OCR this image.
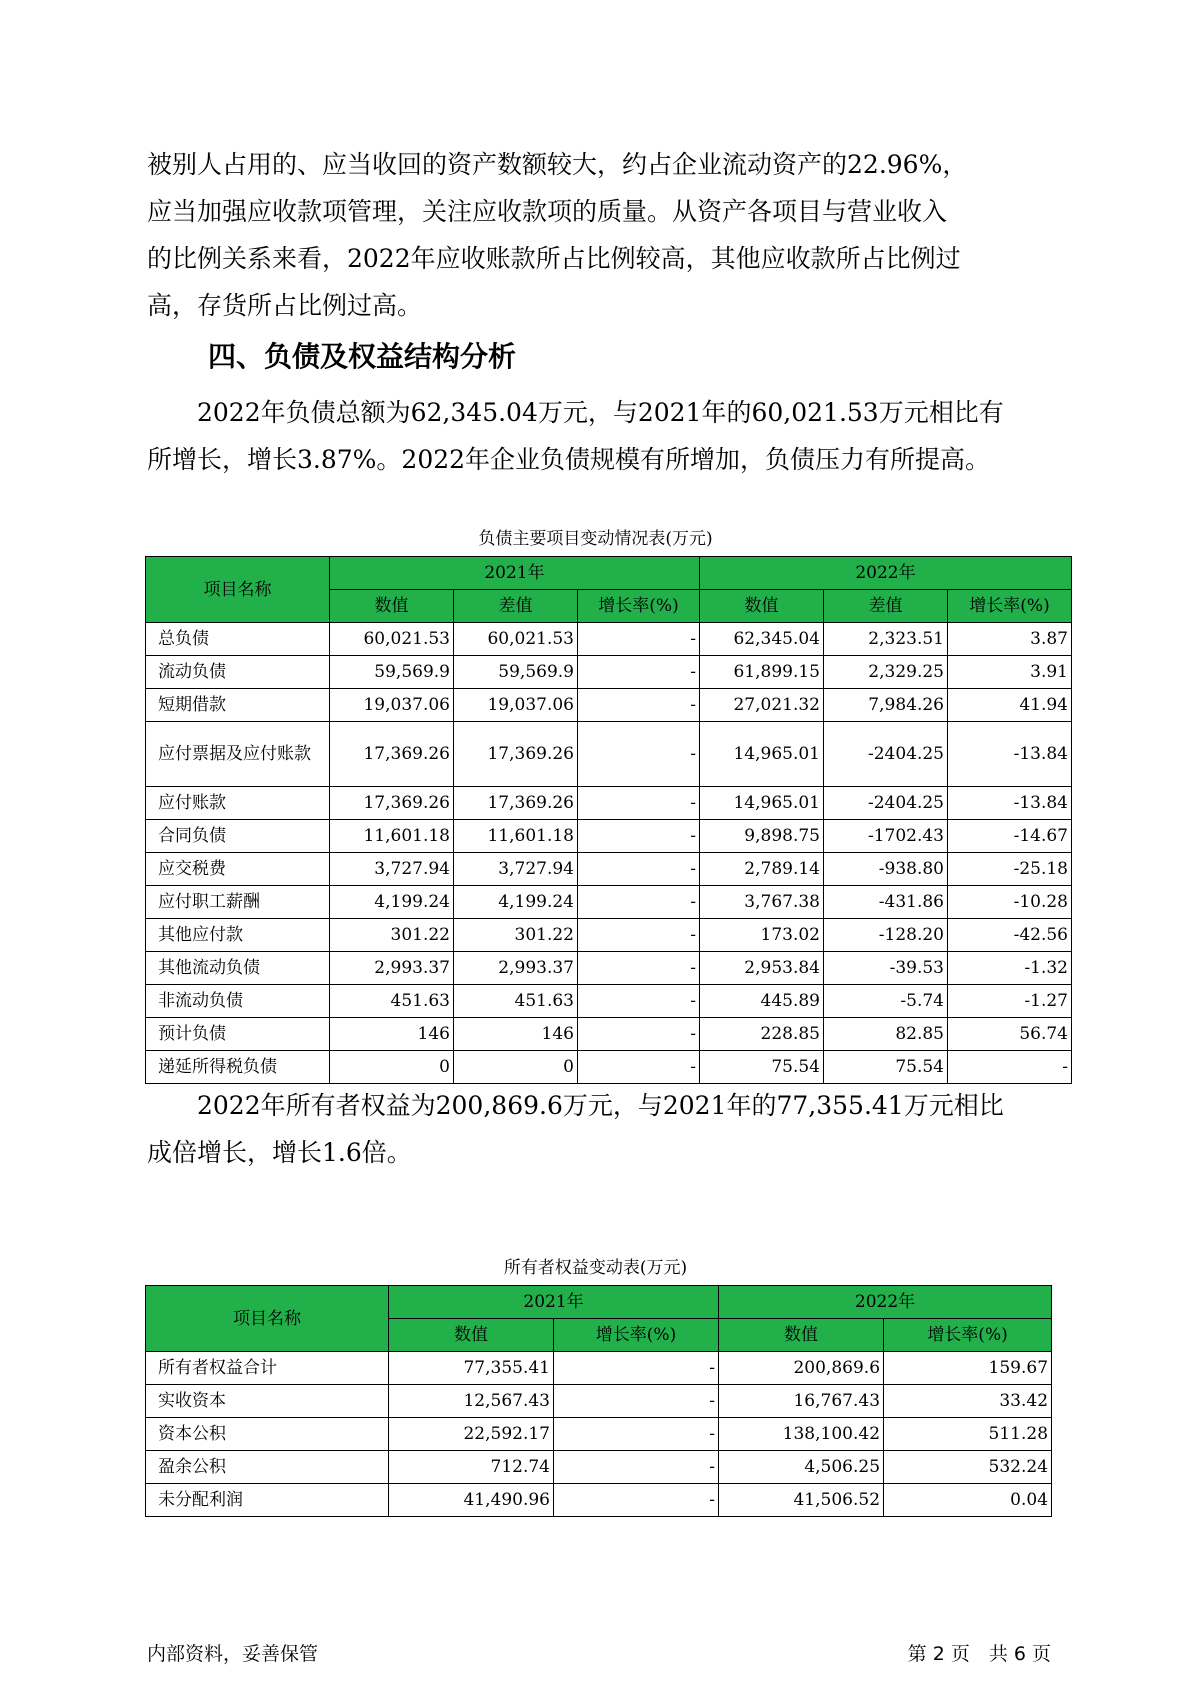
被别人占用的、应当收回的资产数额较大，约占企业流动资产的22.96%，
应当加强应收款项管理，关注应收款项的质量。从资产各项目与营业收入
的比例关系来看，2022年应收账款所占比例较高，其他应收款所占比例过
高，存货所占比例过高。
四、负债及权益结构分析
　　2022年负债总额为62,345.04万元，与2021年的60,021.53万元相比有
所增长，增长3.87%。2022年企业负债规模有所增加，负债压力有所提高。
负债主要项目变动情况表(万元)
项目名称	2021年			2022年		
	数值	差值	增长率(%)	数值	差值	增长率(%)
总负债	60,021.53	60,021.53	-	62,345.04	2,323.51	3.87
流动负债	59,569.9	59,569.9	-	61,899.15	2,329.25	3.91
短期借款	19,037.06	19,037.06	-	27,021.32	7,984.26	41.94
应付票据及应付账款	17,369.26	17,369.26	-	14,965.01	-2404.25	-13.84
应付账款	17,369.26	17,369.26	-	14,965.01	-2404.25	-13.84
合同负债	11,601.18	11,601.18	-	9,898.75	-1702.43	-14.67
应交税费	3,727.94	3,727.94	-	2,789.14	-938.80	-25.18
应付职工薪酬	4,199.24	4,199.24	-	3,767.38	-431.86	-10.28
其他应付款	301.22	301.22	-	173.02	-128.20	-42.56
其他流动负债	2,993.37	2,993.37	-	2,953.84	-39.53	-1.32
非流动负债	451.63	451.63	-	445.89	-5.74	-1.27
预计负债	146	146	-	228.85	82.85	56.74
递延所得税负债	0	0	-	75.54	75.54	-
　　2022年所有者权益为200,869.6万元，与2021年的77,355.41万元相比
成倍增长，增长1.6倍。
所有者权益变动表(万元)
项目名称	2021年		2022年	
	数值	增长率(%)	数值	增长率(%)
所有者权益合计	77,355.41	-	200,869.6	159.67
实收资本	12,567.43	-	16,767.43	33.42
资本公积	22,592.17	-	138,100.42	511.28
盈余公积	712.74	-	4,506.25	532.24
未分配利润	41,490.96	-	41,506.52	0.04
内部资料，妥善保管	第 2 页　共 6 页
